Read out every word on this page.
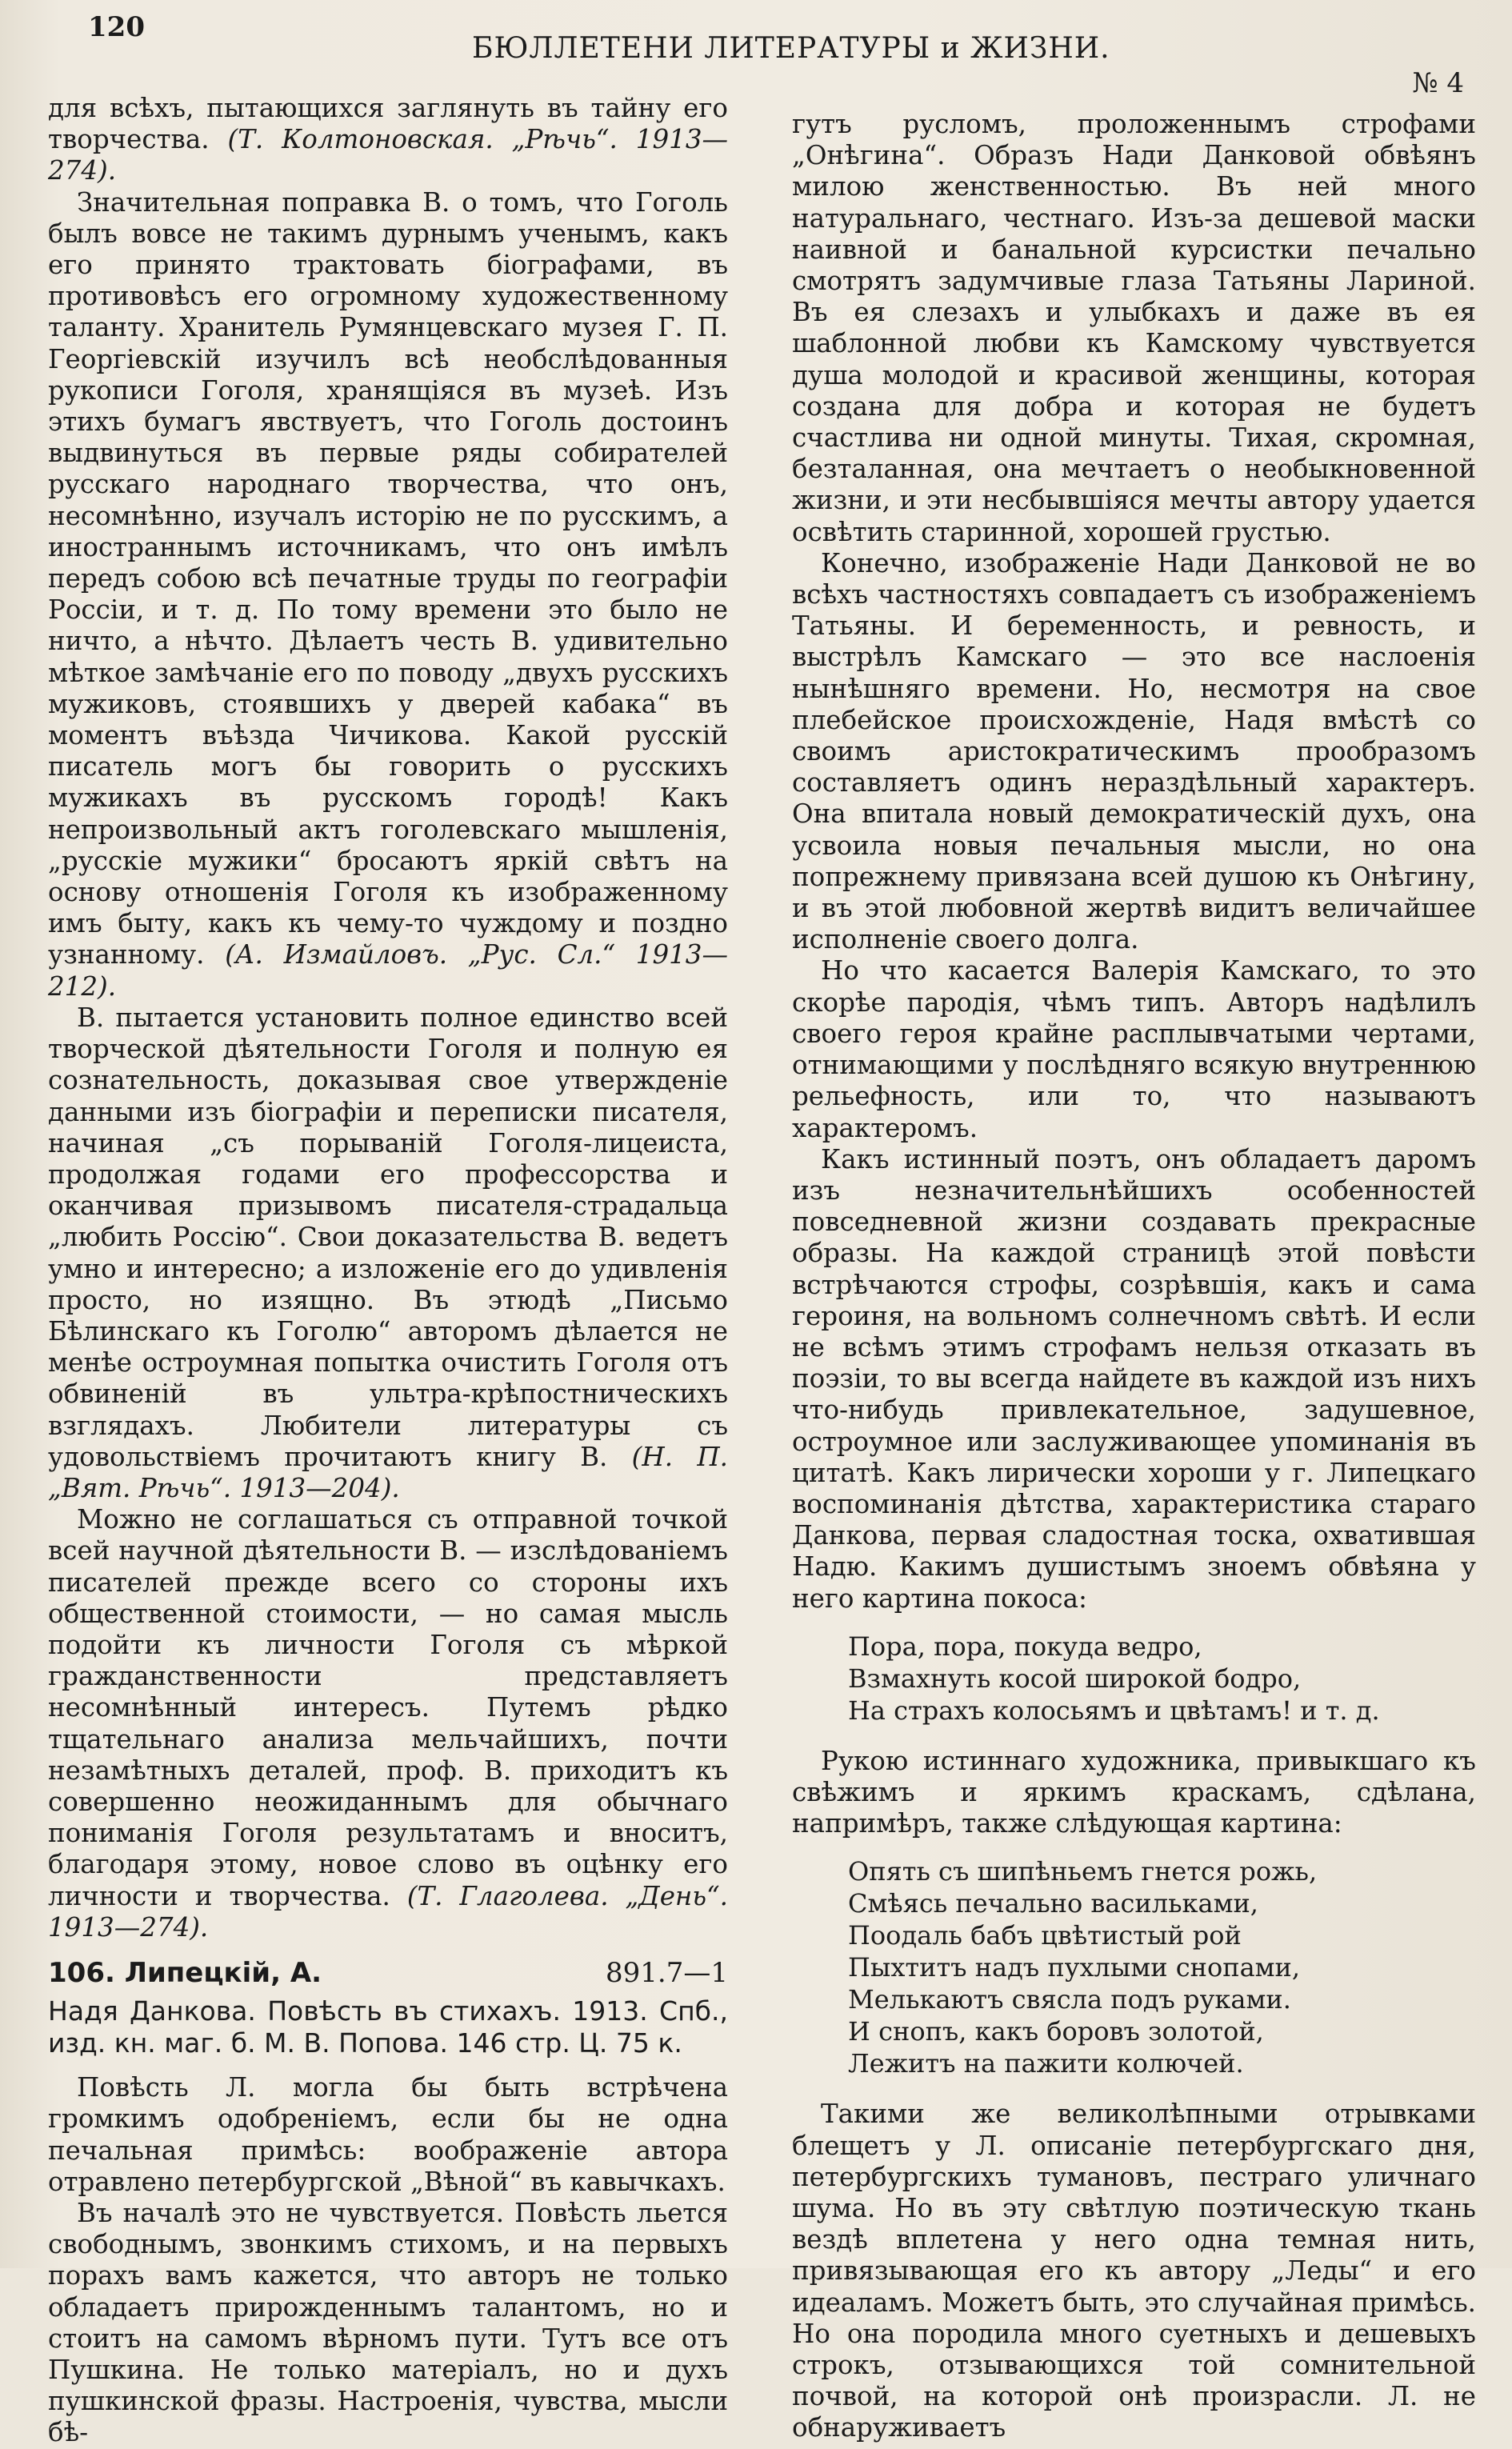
120
БЮЛЛЕТЕНИ ЛИТЕРАТУРЫ и ЖИЗНИ.
№ 4

для всѣхъ, пытающихся заглянуть въ тайну его творчества. (Т. Колтоновская. „Рѣчь“. 1913—274).

Значительная поправка В. о томъ, что Гоголь былъ вовсе не такимъ дурнымъ ученымъ, какъ его принято трактовать біографами, въ противовѣсъ его огромному художественному таланту. Хранитель Румянцевскаго музея Г. П. Георгіевскій изучилъ всѣ необслѣдованныя рукописи Гоголя, хранящіяся въ музеѣ. Изъ этихъ бумагъ явствуетъ, что Гоголь достоинъ выдвинуться въ первые ряды собирателей русскаго народнаго творчества, что онъ, несомнѣнно, изучалъ исторію не по русскимъ, а иностраннымъ источникамъ, что онъ имѣлъ передъ собою всѣ печатные труды по географіи Россіи, и т. д. По тому времени это было не ничто, а нѣчто. Дѣлаетъ честь В. удивительно мѣткое замѣчаніе его по поводу „двухъ русскихъ мужиковъ, стоявшихъ у дверей кабака“ въ моментъ въѣзда Чичикова. Какой русскій писатель могъ бы говорить о русскихъ мужикахъ въ русскомъ городѣ! Какъ непроизвольный актъ гоголевскаго мышленія, „русскіе мужики“ бросаютъ яркій свѣтъ на основу отношенія Гоголя къ изображенному имъ быту, какъ къ чему-то чуждому и поздно узнанному. (А. Измайловъ. „Рус. Сл.“ 1913—212).

В. пытается установить полное единство всей творческой дѣятельности Гоголя и полную ея сознательность, доказывая свое утвержденіе данными изъ біографіи и переписки писателя, начиная „съ порываній Гоголя-лицеиста, продолжая годами его профессорства и оканчивая призывомъ писателя-страдальца „любить Россію“. Свои доказательства В. ведетъ умно и интересно; а изложеніе его до удивленія просто, но изящно. Въ этюдѣ „Письмо Бѣлинскаго къ Гоголю“ авторомъ дѣлается не менѣе остроумная попытка очистить Гоголя отъ обвиненій въ ультра-крѣпостническихъ взглядахъ. Любители литературы съ удовольствіемъ прочитаютъ книгу В. (Н. П. „Вят. Рѣчь“. 1913—204).

Можно не соглашаться съ отправной точкой всей научной дѣятельности В. — изслѣдованіемъ писателей прежде всего со стороны ихъ общественной стоимости, — но самая мысль подойти къ личности Гоголя съ мѣркой гражданственности представляетъ несомнѣнный интересъ. Путемъ рѣдко тщательнаго анализа мельчайшихъ, почти незамѣтныхъ деталей, проф. В. приходитъ къ совершенно неожиданнымъ для обычнаго пониманія Гоголя результатамъ и вноситъ, благодаря этому, новое слово въ оцѣнку его личности и творчества. (Т. Глаголева. „День“. 1913—274).

106. Липецкій, А.	891.7—1

Надя Данкова. Повѣсть въ стихахъ. 1913. Спб., изд. кн. маг. б. М. В. Попова. 146 стр. Ц. 75 к.

Повѣсть Л. могла бы быть встрѣчена громкимъ одобреніемъ, если бы не одна печальная примѣсь: воображеніе автора отравлено петербургской „Вѣной“ въ кавычкахъ.

Въ началѣ это не чувствуется. Повѣсть льется свободнымъ, звонкимъ стихомъ, и на первыхъ порахъ вамъ кажется, что авторъ не только обладаетъ прирожденнымъ талантомъ, но и стоитъ на самомъ вѣрномъ пути. Тутъ все отъ Пушкина. Не только матеріалъ, но и духъ пушкинской фразы. Настроенія, чувства, мысли бѣ-

гутъ русломъ, проложеннымъ строфами „Онѣгина“. Образъ Нади Данковой обвѣянъ милою женственностью. Въ ней много натуральнаго, честнаго. Изъ-за дешевой маски наивной и банальной курсистки печально смотрятъ задумчивые глаза Татьяны Лариной. Въ ея слезахъ и улыбкахъ и даже въ ея шаблонной любви къ Камскому чувствуется душа молодой и красивой женщины, которая создана для добра и которая не будетъ счастлива ни одной минуты. Тихая, скромная, безталанная, она мечтаетъ о необыкновенной жизни, и эти несбывшіяся мечты автору удается освѣтить старинной, хорошей грустью.

Конечно, изображеніе Нади Данковой не во всѣхъ частностяхъ совпадаетъ съ изображеніемъ Татьяны. И беременность, и ревность, и выстрѣлъ Камскаго — это все наслоенія нынѣшняго времени. Но, несмотря на свое плебейское происхожденіе, Надя вмѣстѣ со своимъ аристократическимъ прообразомъ составляетъ одинъ нераздѣльный характеръ. Она впитала новый демократическій духъ, она усвоила новыя печальныя мысли, но она попрежнему привязана всей душою къ Онѣгину, и въ этой любовной жертвѣ видитъ величайшее исполненіе своего долга.

Но что касается Валерія Камскаго, то это скорѣе пародія, чѣмъ типъ. Авторъ надѣлилъ своего героя крайне расплывчатыми чертами, отнимающими у послѣдняго всякую внутреннюю рельефность, или то, что называютъ характеромъ.

Какъ истинный поэтъ, онъ обладаетъ даромъ изъ незначительнѣйшихъ особенностей повседневной жизни создавать прекрасные образы. На каждой страницѣ этой повѣсти встрѣчаются строфы, созрѣвшія, какъ и сама героиня, на вольномъ солнечномъ свѣтѣ. И если не всѣмъ этимъ строфамъ нельзя отказать въ поэзіи, то вы всегда найдете въ каждой изъ нихъ что-нибудь привлекательное, задушевное, остроумное или заслуживающее упоминанія въ цитатѣ. Какъ лирически хороши у г. Липецкаго воспоминанія дѣтства, характеристика стараго Данкова, первая сладостная тоска, охватившая Надю. Какимъ душистымъ зноемъ обвѣяна у него картина покоса:

Пора, пора, покуда ведро,
Взмахнуть косой широкой бодро,
На страхъ колосьямъ и цвѣтамъ! и т. д.

Рукою истиннаго художника, привыкшаго къ свѣжимъ и яркимъ краскамъ, сдѣлана, напримѣръ, также слѣдующая картина:

Опять съ шипѣньемъ гнется рожь,
Смѣясь печально васильками,
Поодаль бабъ цвѣтистый рой
Пыхтитъ надъ пухлыми снопами,
Мелькаютъ свясла подъ руками.
И снопъ, какъ боровъ золотой,
Лежитъ на пажити колючей.

Такими же великолѣпными отрывками блещетъ у Л. описаніе петербургскаго дня, петербургскихъ тумановъ, пестраго уличнаго шума. Но въ эту свѣтлую поэтическую ткань вездѣ вплетена у него одна темная нить, привязывающая его къ автору „Леды“ и его идеаламъ. Можетъ быть, это случайная примѣсь. Но она породила много суетныхъ и дешевыхъ строкъ, отзывающихся той сомнительной почвой, на которой онѣ произрасли. Л. не обнаруживаетъ
